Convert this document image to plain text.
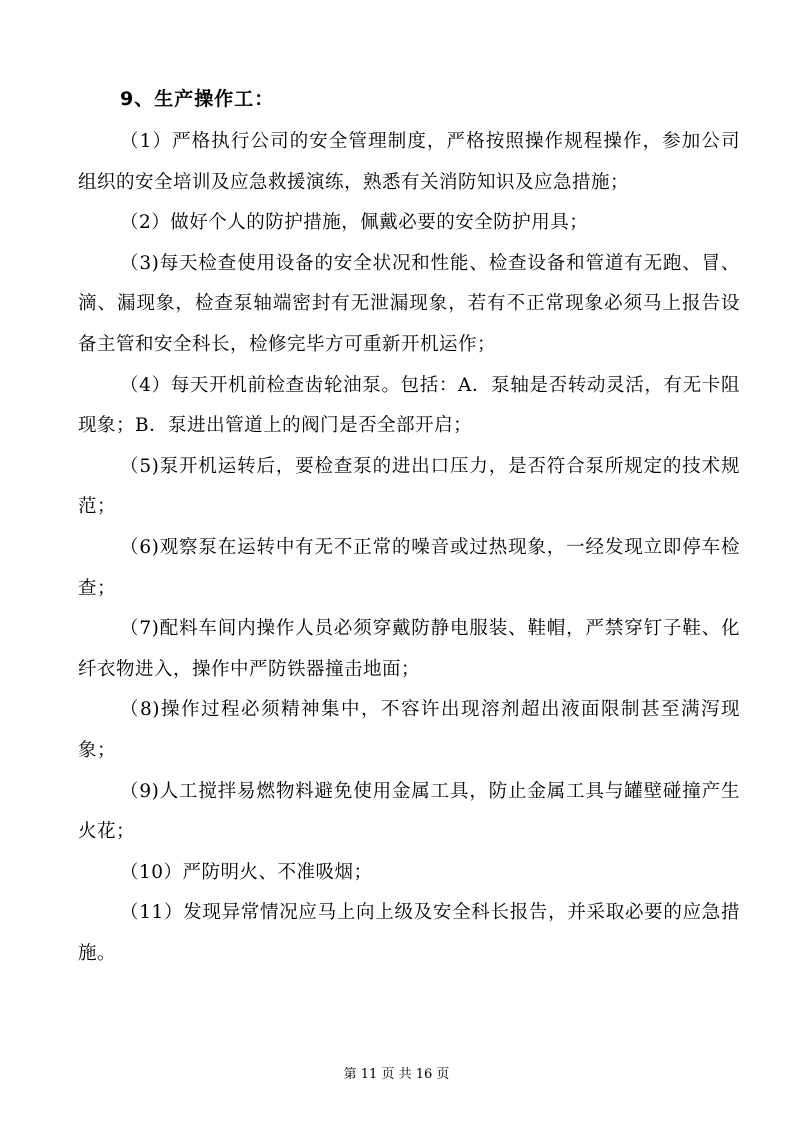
9、生产操作工：

（1）严格执行公司的安全管理制度，严格按照操作规程操作，参加公司组织的安全培训及应急救援演练，熟悉有关消防知识及应急措施；

（2）做好个人的防护措施，佩戴必要的安全防护用具；

（3)每天检查使用设备的安全状况和性能、检查设备和管道有无跑、冒、滴、漏现象，检查泵轴端密封有无泄漏现象，若有不正常现象必须马上报告设备主管和安全科长，检修完毕方可重新开机运作；

（4）每天开机前检查齿轮油泵。包括：A．泵轴是否转动灵活，有无卡阻现象；B．泵进出管道上的阀门是否全部开启；

（5)泵开机运转后，要检查泵的进出口压力，是否符合泵所规定的技术规范；

（6)观察泵在运转中有无不正常的噪音或过热现象，一经发现立即停车检查；

（7)配料车间内操作人员必须穿戴防静电服装、鞋帽，严禁穿钉子鞋、化纤衣物进入，操作中严防铁器撞击地面；

（8)操作过程必须精神集中，不容许出现溶剂超出液面限制甚至满泻现象；

（9)人工搅拌易燃物料避免使用金属工具，防止金属工具与罐壁碰撞产生火花；

（10）严防明火、不准吸烟；

（11）发现异常情况应马上向上级及安全科长报告，并采取必要的应急措施。

第 11 页 共 16 页
